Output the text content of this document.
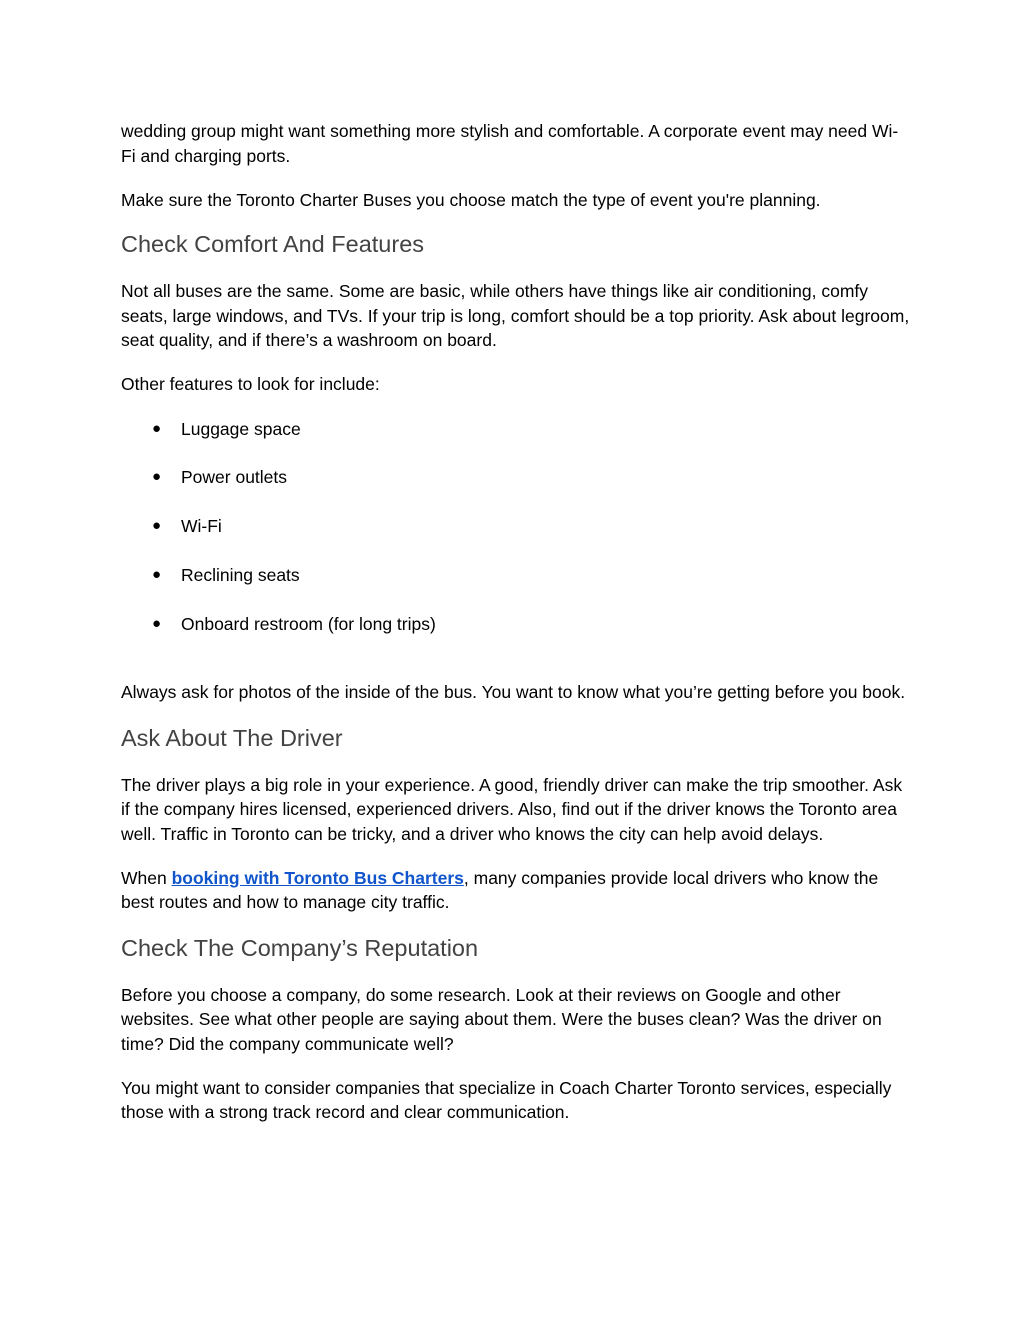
wedding group might want something more stylish and comfortable. A corporate event may need Wi-Fi and charging ports.

Make sure the Toronto Charter Buses you choose match the type of event you're planning.

Check Comfort And Features

Not all buses are the same. Some are basic, while others have things like air conditioning, comfy seats, large windows, and TVs. If your trip is long, comfort should be a top priority. Ask about legroom, seat quality, and if there’s a washroom on board.

Other features to look for include:

● Luggage space
● Power outlets
● Wi-Fi
● Reclining seats
● Onboard restroom (for long trips)

Always ask for photos of the inside of the bus. You want to know what you’re getting before you book.

Ask About The Driver

The driver plays a big role in your experience. A good, friendly driver can make the trip smoother. Ask if the company hires licensed, experienced drivers. Also, find out if the driver knows the Toronto area well. Traffic in Toronto can be tricky, and a driver who knows the city can help avoid delays.

When booking with Toronto Bus Charters, many companies provide local drivers who know the best routes and how to manage city traffic.

Check The Company’s Reputation

Before you choose a company, do some research. Look at their reviews on Google and other websites. See what other people are saying about them. Were the buses clean? Was the driver on time? Did the company communicate well?

You might want to consider companies that specialize in Coach Charter Toronto services, especially those with a strong track record and clear communication.
